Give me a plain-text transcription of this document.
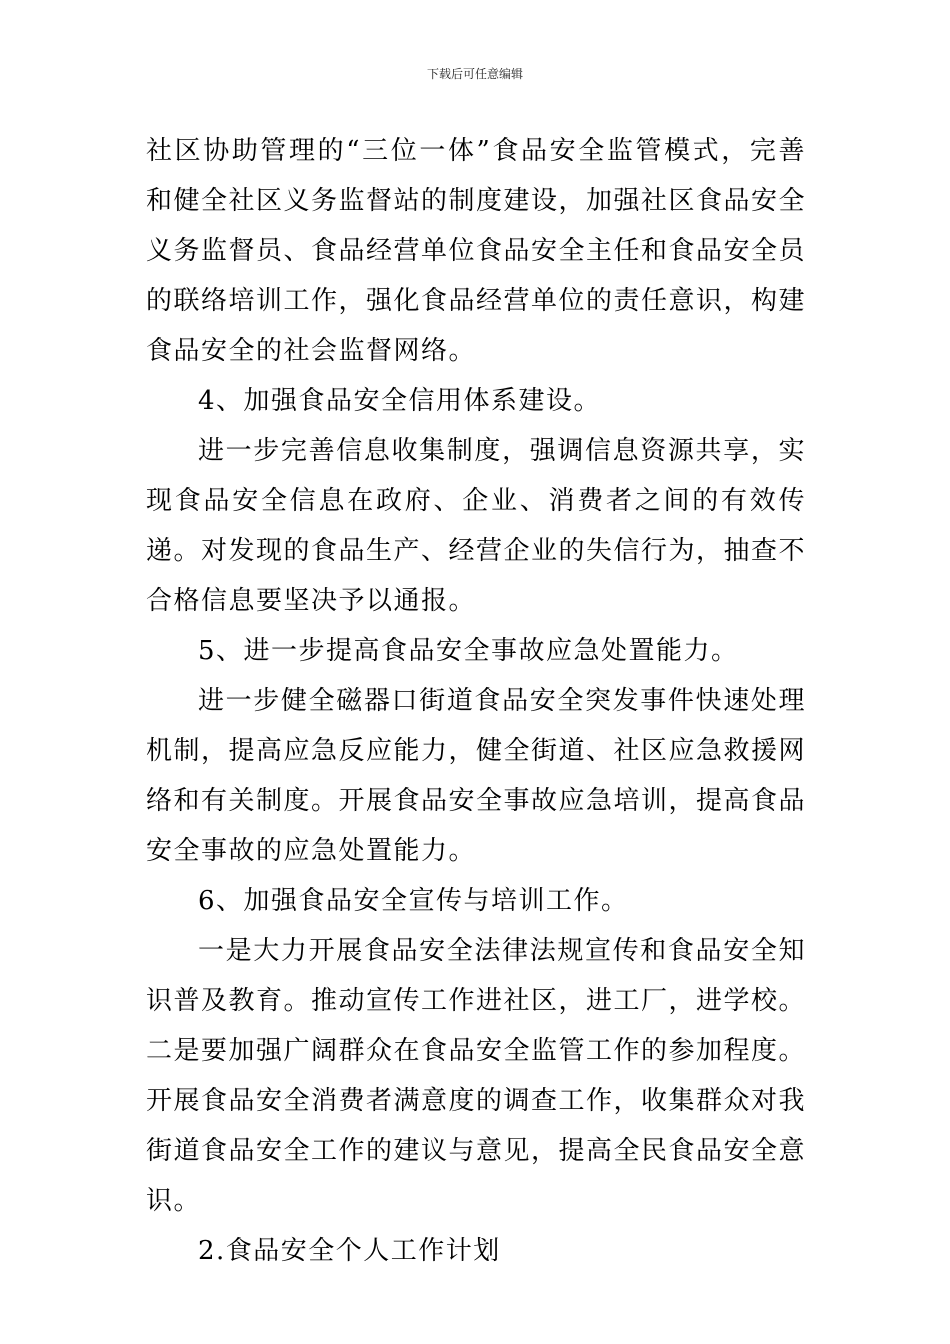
下载后可任意编辑

社区协助管理的“三位一体”食品安全监管模式，完善和健全社区义务监督站的制度建设，加强社区食品安全义务监督员、食品经营单位食品安全主任和食品安全员的联络培训工作，强化食品经营单位的责任意识，构建食品安全的社会监督网络。

4、加强食品安全信用体系建设。

进一步完善信息收集制度，强调信息资源共享，实现食品安全信息在政府、企业、消费者之间的有效传递。对发现的食品生产、经营企业的失信行为，抽查不合格信息要坚决予以通报。

5、进一步提高食品安全事故应急处置能力。

进一步健全磁器口街道食品安全突发事件快速处理机制，提高应急反应能力，健全街道、社区应急救援网络和有关制度。开展食品安全事故应急培训，提高食品安全事故的应急处置能力。

6、加强食品安全宣传与培训工作。

一是大力开展食品安全法律法规宣传和食品安全知识普及教育。推动宣传工作进社区，进工厂，进学校。二是要加强广阔群众在食品安全监管工作的参加程度。开展食品安全消费者满意度的调查工作，收集群众对我街道食品安全工作的建议与意见，提高全民食品安全意识。

2.食品安全个人工作计划
